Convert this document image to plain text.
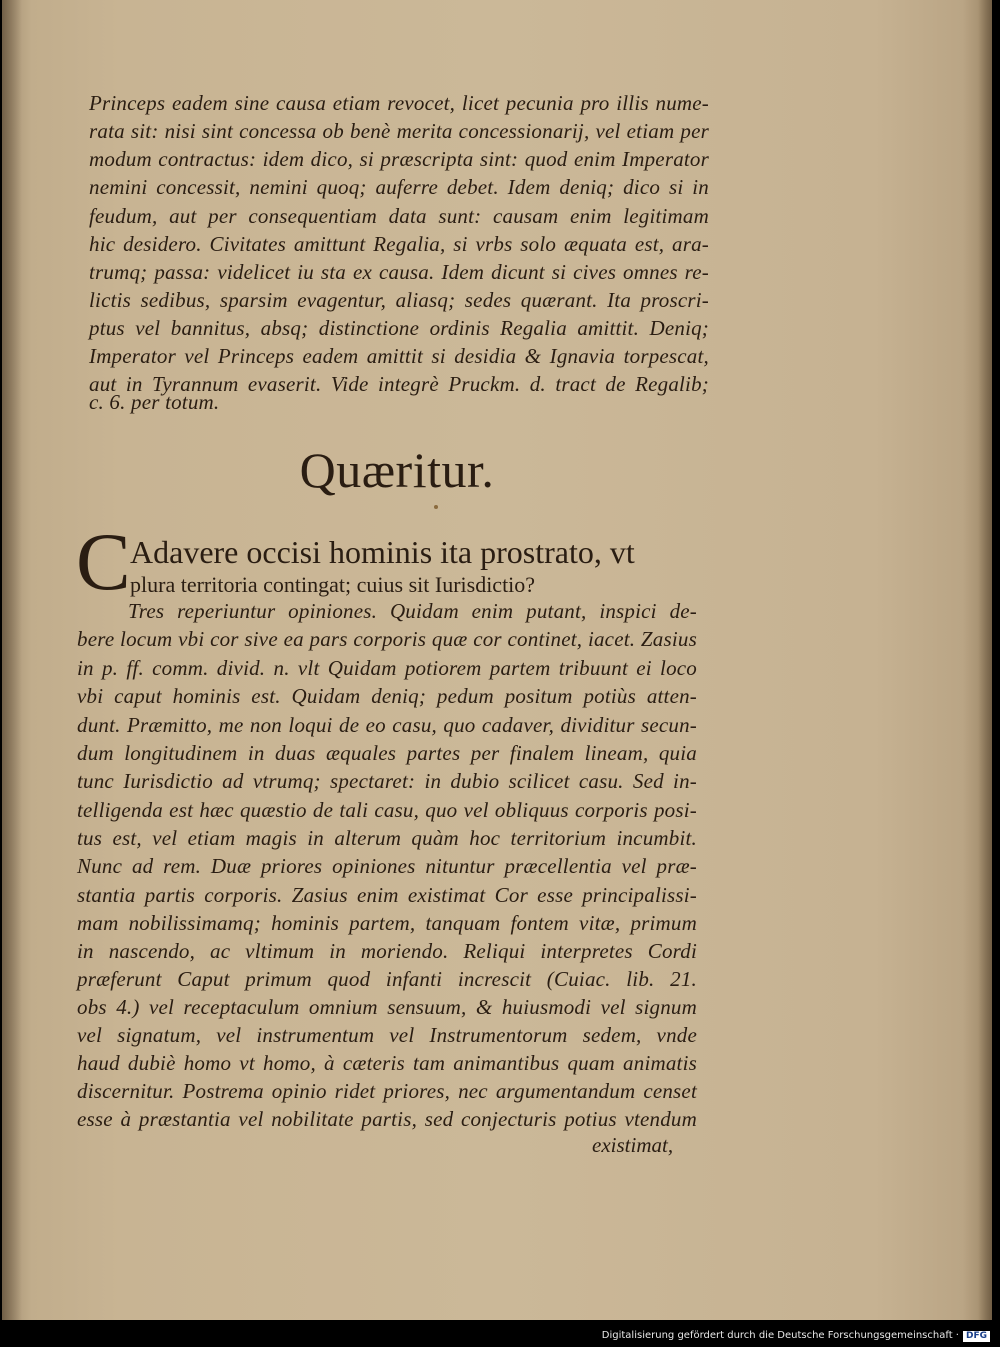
Princeps eadem sine causa etiam revocet, licet pecunia pro illis nume-
rata sit: nisi sint concessa ob benè merita concessionarij, vel etiam per
modum contractus: idem dico, si præscripta sint: quod enim Imperator
nemini concessit, nemini quoq; auferre debet. Idem deniq; dico si in
feudum, aut per consequentiam data sunt: causam enim legitimam
hic desidero. Civitates amittunt Regalia, si vrbs solo æquata est, ara-
trumq; passa: videlicet iu sta ex causa. Idem dicunt si cives omnes re-
lictis sedibus, sparsim evagentur, aliasq; sedes quærant. Ita proscri-
ptus vel bannitus, absq; distinctione ordinis Regalia amittit. Deniq;
Imperator vel Princeps eadem amittit si desidia & Ignavia torpescat,
aut in Tyrannum evaserit. Vide integrè Pruckm. d. tract de Regalib;
c. 6. per totum.
Quæritur.
C Adavere occisi hominis ita prostrato, vt
plura territoria contingat; cuius sit Iurisdictio?
Tres reperiuntur opiniones. Quidam enim putant, inspici de-
bere locum vbi cor sive ea pars corporis quæ cor continet, iacet. Zasius
in p. ff. comm. divid. n. vlt Quidam potiorem partem tribuunt ei loco
vbi caput hominis est. Quidam deniq; pedum positum potiùs atten-
dunt. Præmitto, me non loqui de eo casu, quo cadaver, dividitur secun-
dum longitudinem in duas æquales partes per finalem lineam, quia
tunc Iurisdictio ad vtrumq; spectaret: in dubio scilicet casu. Sed in-
telligenda est hæc quæstio de tali casu, quo vel obliquus corporis posi-
tus est, vel etiam magis in alterum quàm hoc territorium incumbit.
Nunc ad rem. Duæ priores opiniones nituntur præcellentia vel præ-
stantia partis corporis. Zasius enim existimat Cor esse principalissi-
mam nobilissimamq; hominis partem, tanquam fontem vitæ, primum
in nascendo, ac vltimum in moriendo. Reliqui interpretes Cordi
præferunt Caput primum quod infanti increscit (Cuiac. lib. 21.
obs 4.) vel receptaculum omnium sensuum, & huiusmodi vel signum
vel signatum, vel instrumentum vel Instrumentorum sedem, vnde
haud dubiè homo vt homo, à cæteris tam animantibus quam animatis
discernitur. Postrema opinio ridet priores, nec argumentandum censet
esse à præstantia vel nobilitate partis, sed conjecturis potius vtendum
existimat,
Digitalisierung gefördert durch die Deutsche Forschungsgemeinschaft · DFG
